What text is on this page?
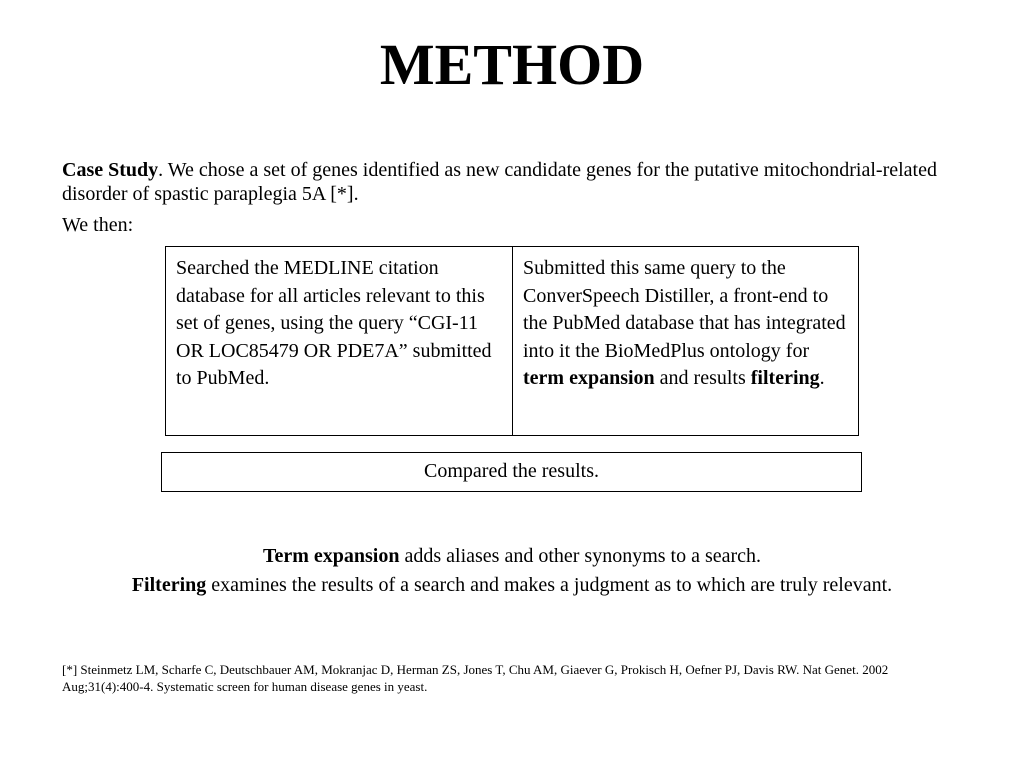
METHOD

Case Study. We chose a set of genes identified as new candidate genes for the putative mitochondrial-related disorder of spastic paraplegia 5A [*].

We then:

Searched the MEDLINE citation database for all articles relevant to this set of genes, using the query “CGI-11 OR LOC85479 OR PDE7A” submitted to PubMed.
Submitted this same query to the ConverSpeech Distiller, a front-end to the PubMed database that has integrated into it the BioMedPlus ontology for term expansion and results filtering.
Compared the results.

Term expansion adds aliases and other synonyms to a search.

Filtering examines the results of a search and makes a judgment as to which are truly relevant.

[*] Steinmetz LM, Scharfe C, Deutschbauer AM, Mokranjac D, Herman ZS, Jones T, Chu AM, Giaever G, Prokisch H, Oefner PJ, Davis RW. Nat Genet. 2002 Aug;31(4):400-4. Systematic screen for human disease genes in yeast.
